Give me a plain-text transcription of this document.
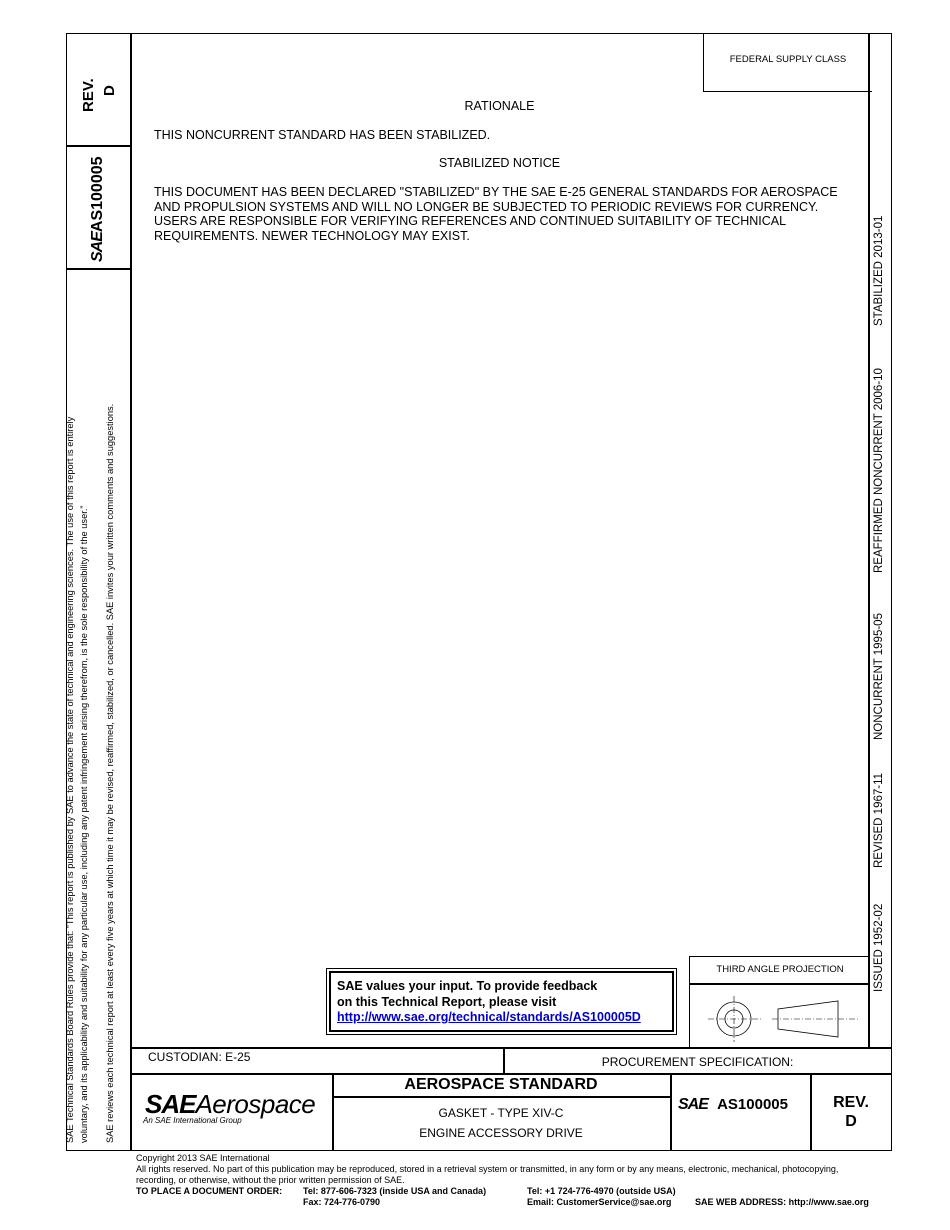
FEDERAL SUPPLY CLASS
REV. D
SAEAS100005
SAE Technical Standards Board Rules provide that: “This report is published by SAE to advance the state of technical and engineering sciences. The use of this report is entirely voluntary, and its applicability and suitability for any particular use, including any patent infringement arising therefrom, is the sole responsibility of the user.” SAE reviews each technical report at least every five years at which time it may be revised, reaffirmed, stabilized, or cancelled. SAE invites your written comments and suggestions.	ISSUED 1952-02
REVISED 1967-11
NONCURRENT 1995-05
REAFFIRMED NONCURRENT 2006-10
STABILIZED 2013-01
RATIONALE
THIS NONCURRENT STANDARD HAS BEEN STABILIZED.
STABILIZED NOTICE
THIS DOCUMENT HAS BEEN DECLARED "STABILIZED" BY THE SAE E-25 GENERAL STANDARDS FOR AEROSPACE
AND PROPULSION SYSTEMS AND WILL NO LONGER BE SUBJECTED TO PERIODIC REVIEWS FOR CURRENCY.
USERS ARE RESPONSIBLE FOR VERIFYING REFERENCES AND CONTINUED SUITABILITY OF TECHNICAL
REQUIREMENTS. NEWER TECHNOLOGY MAY EXIST.
SAE values your input. To provide feedback
on this Technical Report, please visit
http://www.sae.org/technical/standards/AS100005D
THIRD ANGLE PROJECTION
CUSTODIAN: E-25	PROCUREMENT SPECIFICATION:
SAEAerospace
An SAE International Group
AEROSPACE STANDARD
GASKET - TYPE XIV-C
ENGINE ACCESSORY DRIVE
SAE AS100005	REV.
D
Copyright 2013 SAE International
All rights reserved. No part of this publication may be reproduced, stored in a retrieval system or transmitted, in any form or by any means, electronic, mechanical, photocopying,
recording, or otherwise, without the prior written permission of SAE.
TO PLACE A DOCUMENT ORDER: Tel: 877-606-7323 (inside USA and Canada)	Tel: +1 724-776-4970 (outside USA)
Fax: 724-776-0790	Email: CustomerService@sae.org	SAE WEB ADDRESS: http://www.sae.org
